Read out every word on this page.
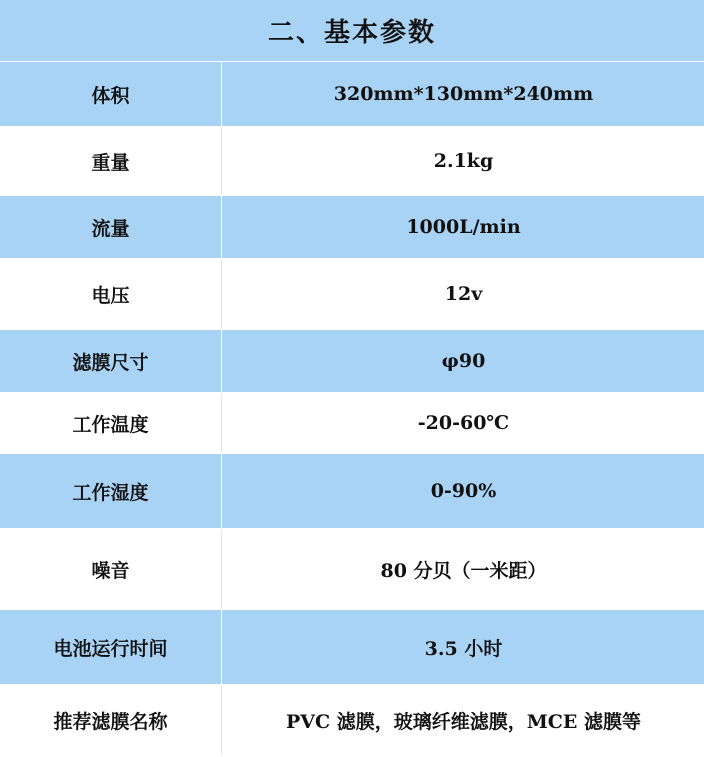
二、基本参数
体积	320mm*130mm*240mm
重量	2.1kg
流量	1000L/min
电压	12v
滤膜尺寸	φ90
工作温度	-20-60℃
工作湿度	0-90%
噪音	80 分贝（一米距）
电池运行时间	3.5 小时
推荐滤膜名称	PVC 滤膜，玻璃纤维滤膜，MCE 滤膜等
